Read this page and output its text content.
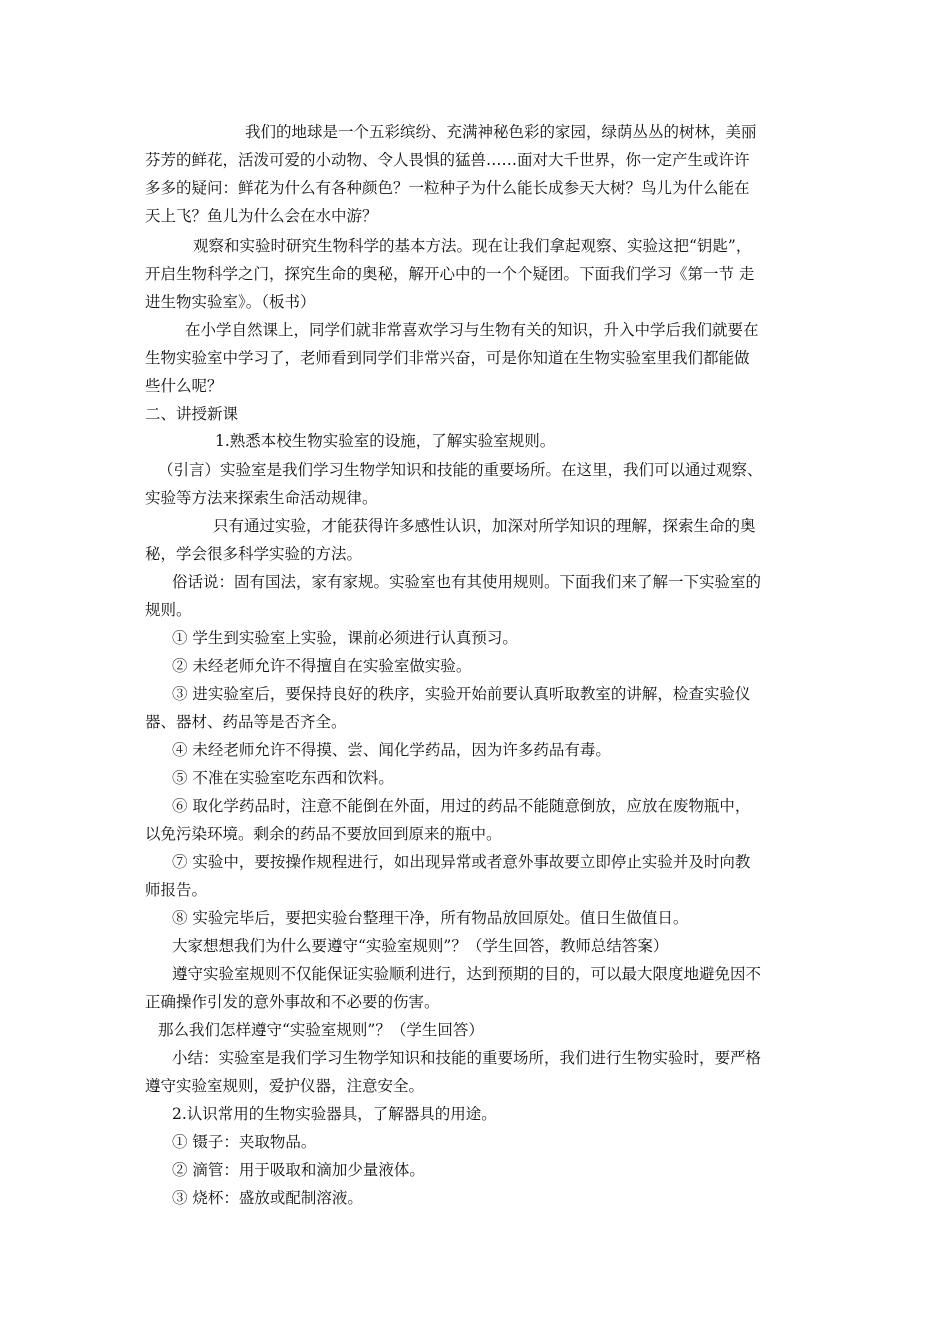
我们的地球是一个五彩缤纷、充满神秘色彩的家园，绿荫丛丛的树林，美丽
芬芳的鲜花，活泼可爱的小动物、令人畏惧的猛兽……面对大千世界，你一定产生或许许
多多的疑问：鲜花为什么有各种颜色？一粒种子为什么能长成参天大树？鸟儿为什么能在
天上飞？鱼儿为什么会在水中游？
观察和实验时研究生物科学的基本方法。现在让我们拿起观察、实验这把“钥匙”，
开启生物科学之门，探究生命的奥秘，解开心中的一个个疑团。下面我们学习《第一节 走
进生物实验室》。（板书）
在小学自然课上，同学们就非常喜欢学习与生物有关的知识，升入中学后我们就要在
生物实验室中学习了，老师看到同学们非常兴奋，可是你知道在生物实验室里我们都能做
些什么呢？
二、讲授新课
1.熟悉本校生物实验室的设施，了解实验室规则。
（引言）实验室是我们学习生物学知识和技能的重要场所。在这里，我们可以通过观察、
实验等方法来探索生命活动规律。
只有通过实验，才能获得许多感性认识，加深对所学知识的理解，探索生命的奥
秘，学会很多科学实验的方法。
俗话说：固有国法，家有家规。实验室也有其使用规则。下面我们来了解一下实验室的
规则。
① 学生到实验室上实验，课前必须进行认真预习。
② 未经老师允许不得擅自在实验室做实验。
③ 进实验室后，要保持良好的秩序，实验开始前要认真听取教室的讲解，检查实验仪
器、器材、药品等是否齐全。
④ 未经老师允许不得摸、尝、闻化学药品，因为许多药品有毒。
⑤ 不准在实验室吃东西和饮料。
⑥ 取化学药品时，注意不能倒在外面，用过的药品不能随意倒放，应放在废物瓶中，
以免污染环境。剩余的药品不要放回到原来的瓶中。
⑦ 实验中，要按操作规程进行，如出现异常或者意外事故要立即停止实验并及时向教
师报告。
⑧ 实验完毕后，要把实验台整理干净，所有物品放回原处。值日生做值日。
大家想想我们为什么要遵守“实验室规则”？（学生回答，教师总结答案）
遵守实验室规则不仅能保证实验顺利进行，达到预期的目的，可以最大限度地避免因不
正确操作引发的意外事故和不必要的伤害。
那么我们怎样遵守“实验室规则”？（学生回答）
小结：实验室是我们学习生物学知识和技能的重要场所，我们进行生物实验时，要严格
遵守实验室规则，爱护仪器，注意安全。
2.认识常用的生物实验器具，了解器具的用途。
① 镊子：夹取物品。
② 滴管：用于吸取和滴加少量液体。
③ 烧杯：盛放或配制溶液。
